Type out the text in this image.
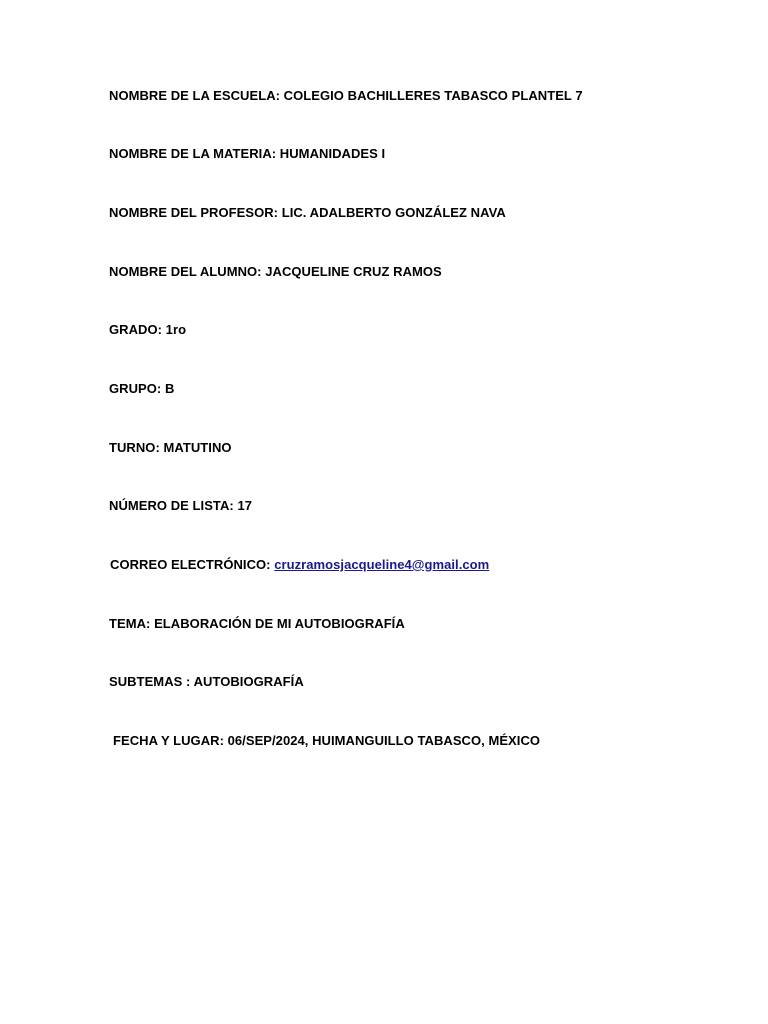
NOMBRE DE LA ESCUELA: COLEGIO BACHILLERES TABASCO PLANTEL 7
NOMBRE DE LA MATERIA: HUMANIDADES I
NOMBRE DEL PROFESOR: LIC. ADALBERTO GONZÁLEZ NAVA
NOMBRE DEL ALUMNO: JACQUELINE CRUZ RAMOS
GRADO: 1ro
GRUPO: B
TURNO: MATUTINO
NÚMERO DE LISTA: 17
CORREO ELECTRÓNICO: cruzramosjacqueline4@gmail.com
TEMA: ELABORACIÓN DE MI AUTOBIOGRAFÍA
SUBTEMAS : AUTOBIOGRAFÍA
FECHA Y LUGAR: 06/SEP/2024, HUIMANGUILLO TABASCO, MÉXICO
